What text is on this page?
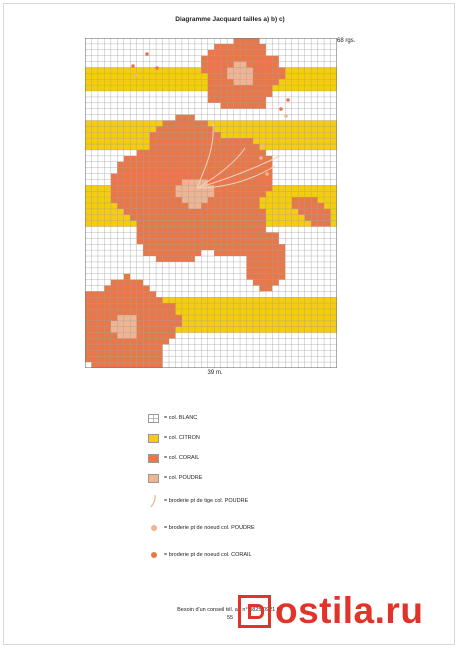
Diagramme Jacquard tailles a) b) c)
68 rgs.
39 m.
= col. BLANC
= col. CITRON
= col. CORAIL
= col. POUDRE
= broderie pt de tige col. POUDRE
= broderie pt de noeud col. POUDRE
= broderie pt de noeud col. CORAIL
Besoin d'un conseil tél. au n° 0825/0921 08
55	ostila.ru
